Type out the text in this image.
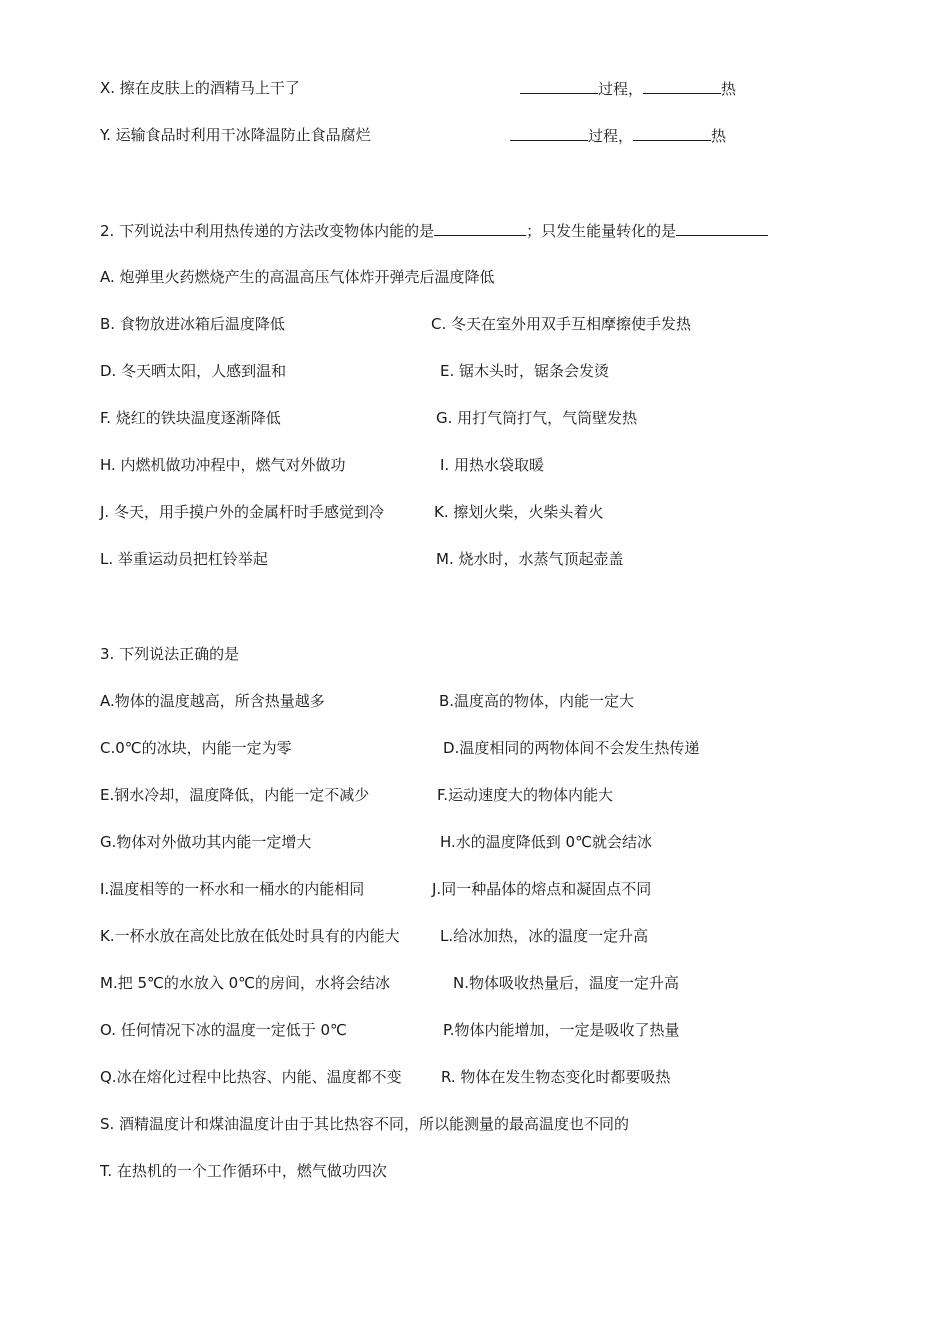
X. 擦在皮肤上的酒精马上干了	过程，	热
Y. 运输食品时利用干冰降温防止食品腐烂	过程，	热
2. 下列说法中利用热传递的方法改变物体内能的是	；只发生能量转化的是
A. 炮弹里火药燃烧产生的高温高压气体炸开弹壳后温度降低
B. 食物放进冰箱后温度降低	C. 冬天在室外用双手互相摩擦使手发热
D. 冬天晒太阳，人感到温和	E. 锯木头时，锯条会发烫
F. 烧红的铁块温度逐渐降低	G. 用打气筒打气，气筒壁发热
H. 内燃机做功冲程中，燃气对外做功	I. 用热水袋取暖
J. 冬天，用手摸户外的金属杆时手感觉到冷	K. 擦划火柴，火柴头着火
L. 举重运动员把杠铃举起	M. 烧水时，水蒸气顶起壶盖
3. 下列说法正确的是
A.物体的温度越高，所含热量越多	B.温度高的物体，内能一定大
C.0℃的冰块，内能一定为零	D.温度相同的两物体间不会发生热传递
E.钢水冷却，温度降低，内能一定不减少	F.运动速度大的物体内能大
G.物体对外做功其内能一定增大	H.水的温度降低到 0℃就会结冰
I.温度相等的一杯水和一桶水的内能相同	J.同一种晶体的熔点和凝固点不同
K.一杯水放在高处比放在低处时具有的内能大	L.给冰加热，冰的温度一定升高
M.把 5℃的水放入 0℃的房间，水将会结冰	N.物体吸收热量后，温度一定升高
O. 任何情况下冰的温度一定低于 0℃	P.物体内能增加，一定是吸收了热量
Q.冰在熔化过程中比热容、内能、温度都不变	R. 物体在发生物态变化时都要吸热
S. 酒精温度计和煤油温度计由于其比热容不同，所以能测量的最高温度也不同的
T. 在热机的一个工作循环中，燃气做功四次
